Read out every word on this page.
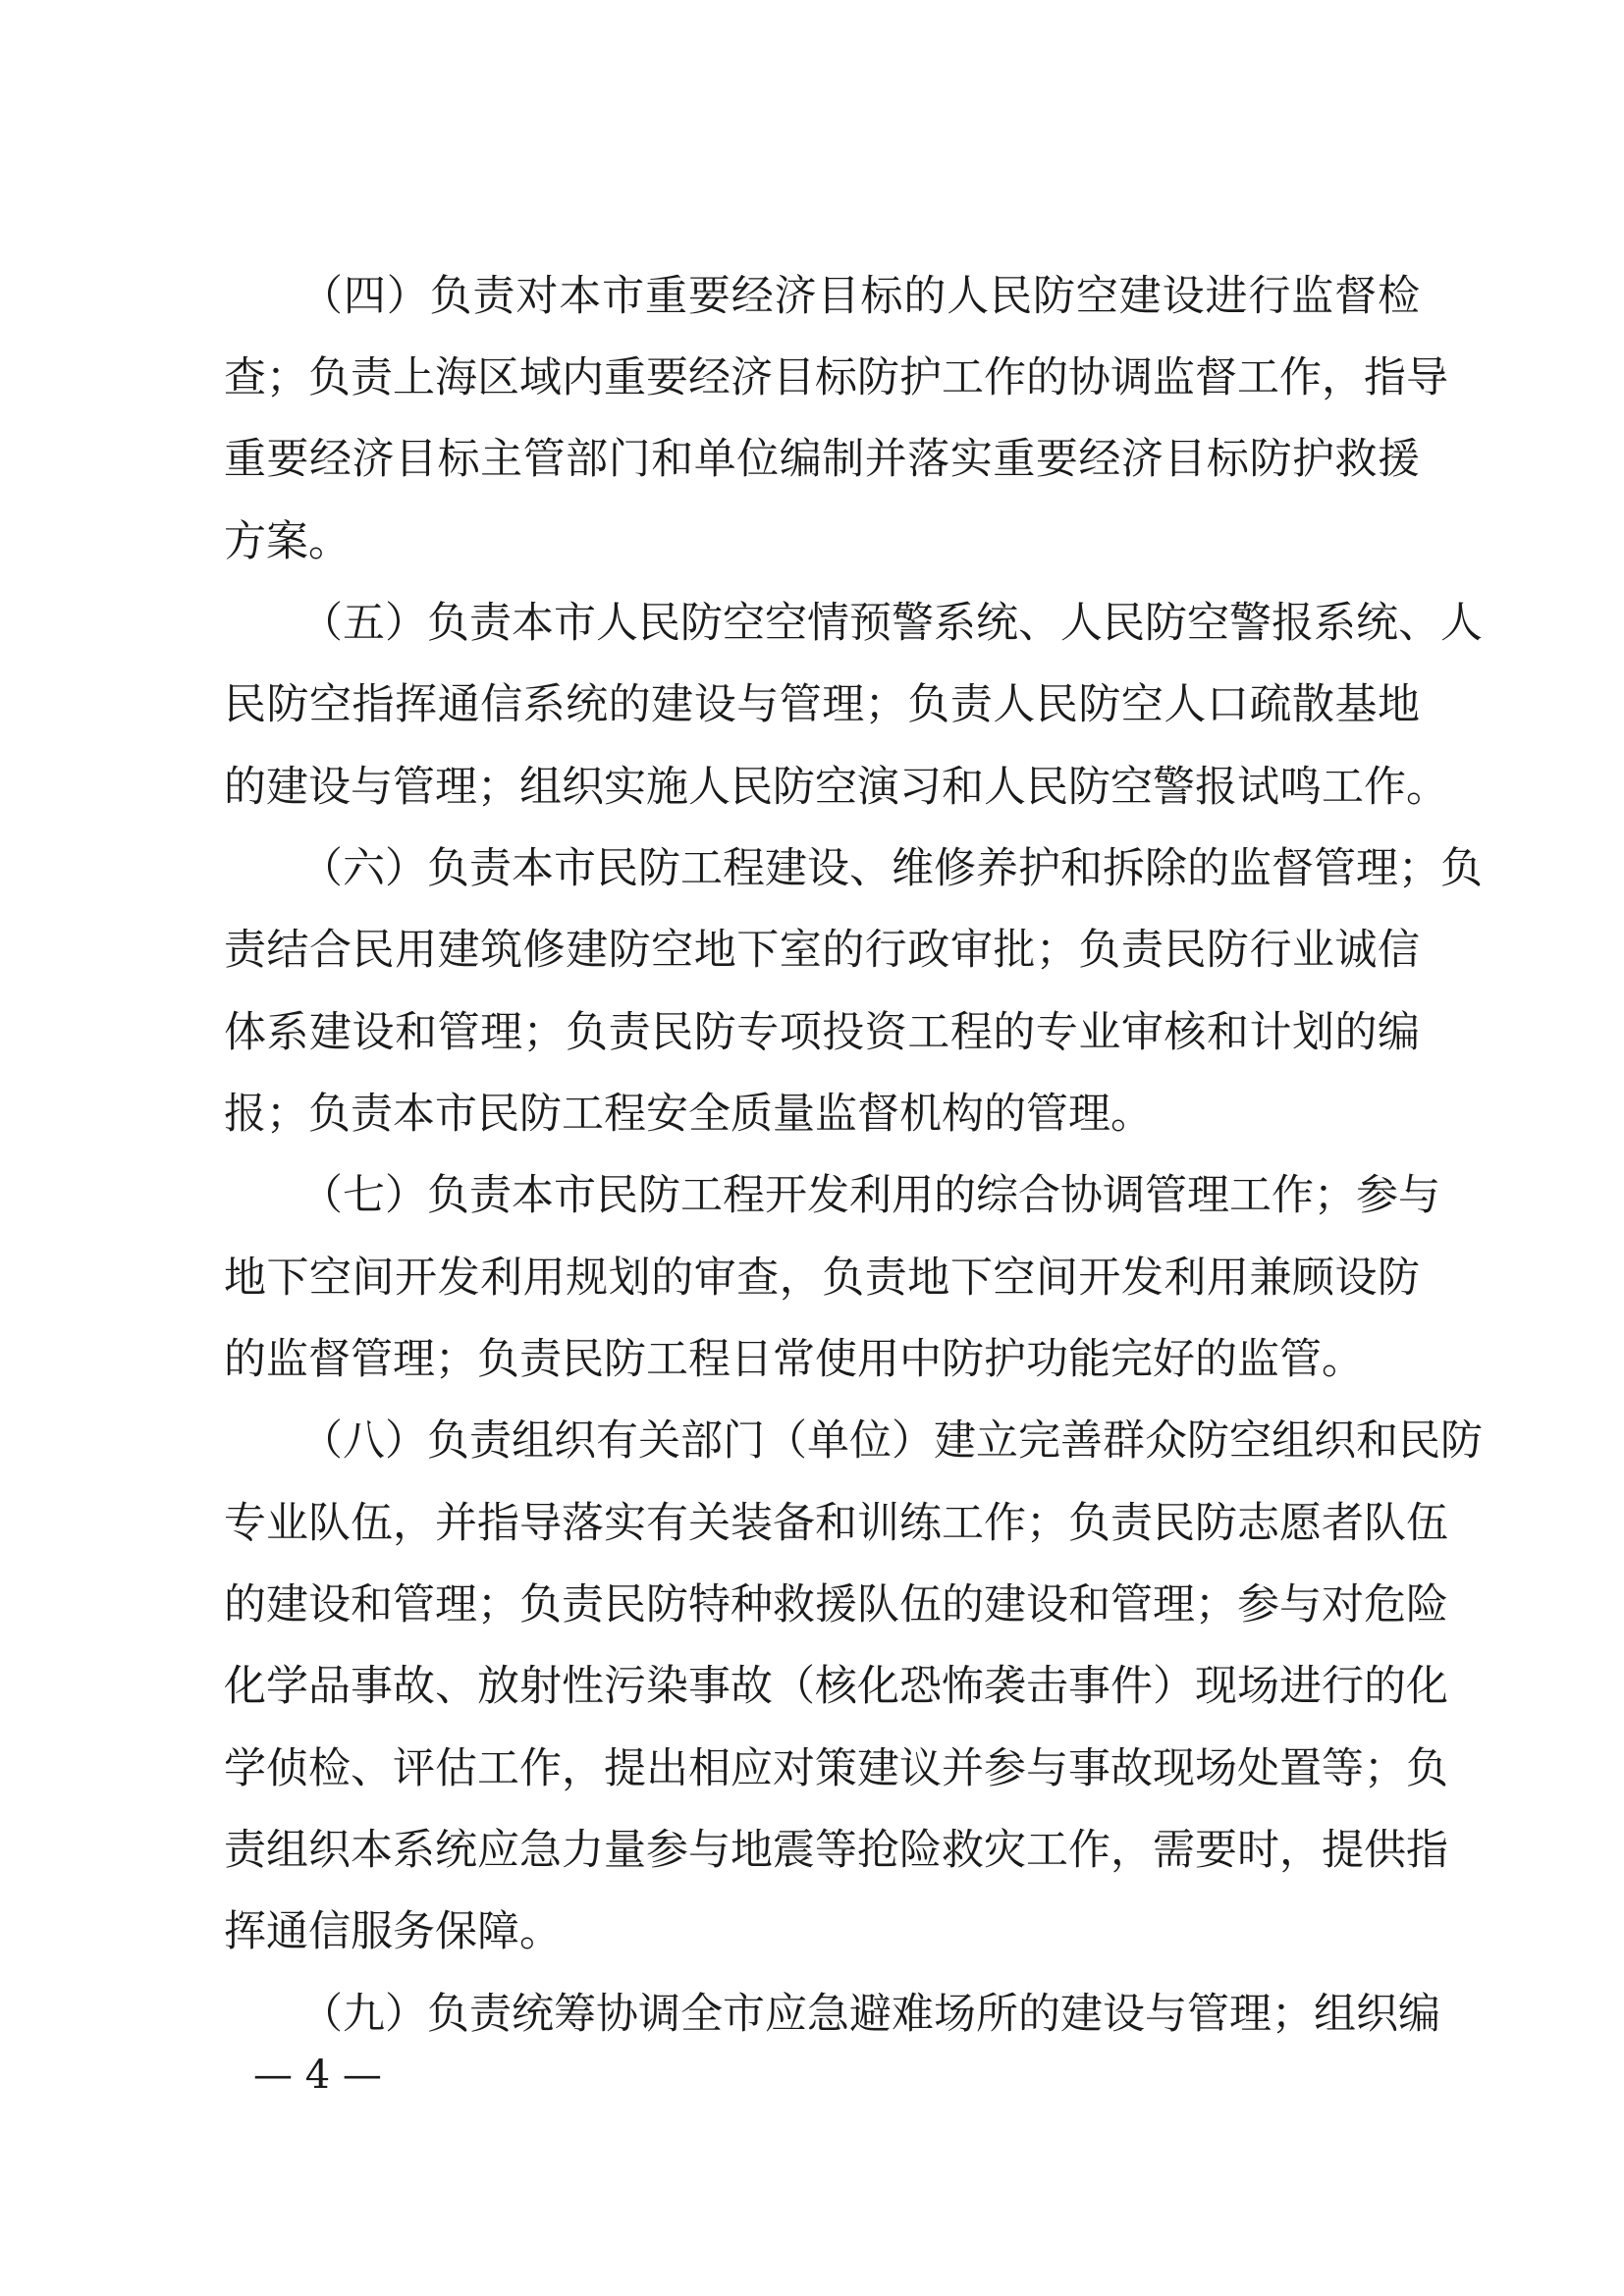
（四）负责对本市重要经济目标的人民防空建设进行监督检
查；负责上海区域内重要经济目标防护工作的协调监督工作，指导
重要经济目标主管部门和单位编制并落实重要经济目标防护救援
方案。
（五）负责本市人民防空空情预警系统、人民防空警报系统、人
民防空指挥通信系统的建设与管理；负责人民防空人口疏散基地
的建设与管理；组织实施人民防空演习和人民防空警报试鸣工作。
（六）负责本市民防工程建设、维修养护和拆除的监督管理；负
责结合民用建筑修建防空地下室的行政审批；负责民防行业诚信
体系建设和管理；负责民防专项投资工程的专业审核和计划的编
报；负责本市民防工程安全质量监督机构的管理。
（七）负责本市民防工程开发利用的综合协调管理工作；参与
地下空间开发利用规划的审查，负责地下空间开发利用兼顾设防
的监督管理；负责民防工程日常使用中防护功能完好的监管。
（八）负责组织有关部门（单位）建立完善群众防空组织和民防
专业队伍，并指导落实有关装备和训练工作；负责民防志愿者队伍
的建设和管理；负责民防特种救援队伍的建设和管理；参与对危险
化学品事故、放射性污染事故（核化恐怖袭击事件）现场进行的化
学侦检、评估工作，提出相应对策建议并参与事故现场处置等；负
责组织本系统应急力量参与地震等抢险救灾工作，需要时，提供指
挥通信服务保障。
（九）负责统筹协调全市应急避难场所的建设与管理；组织编
— 4 —
